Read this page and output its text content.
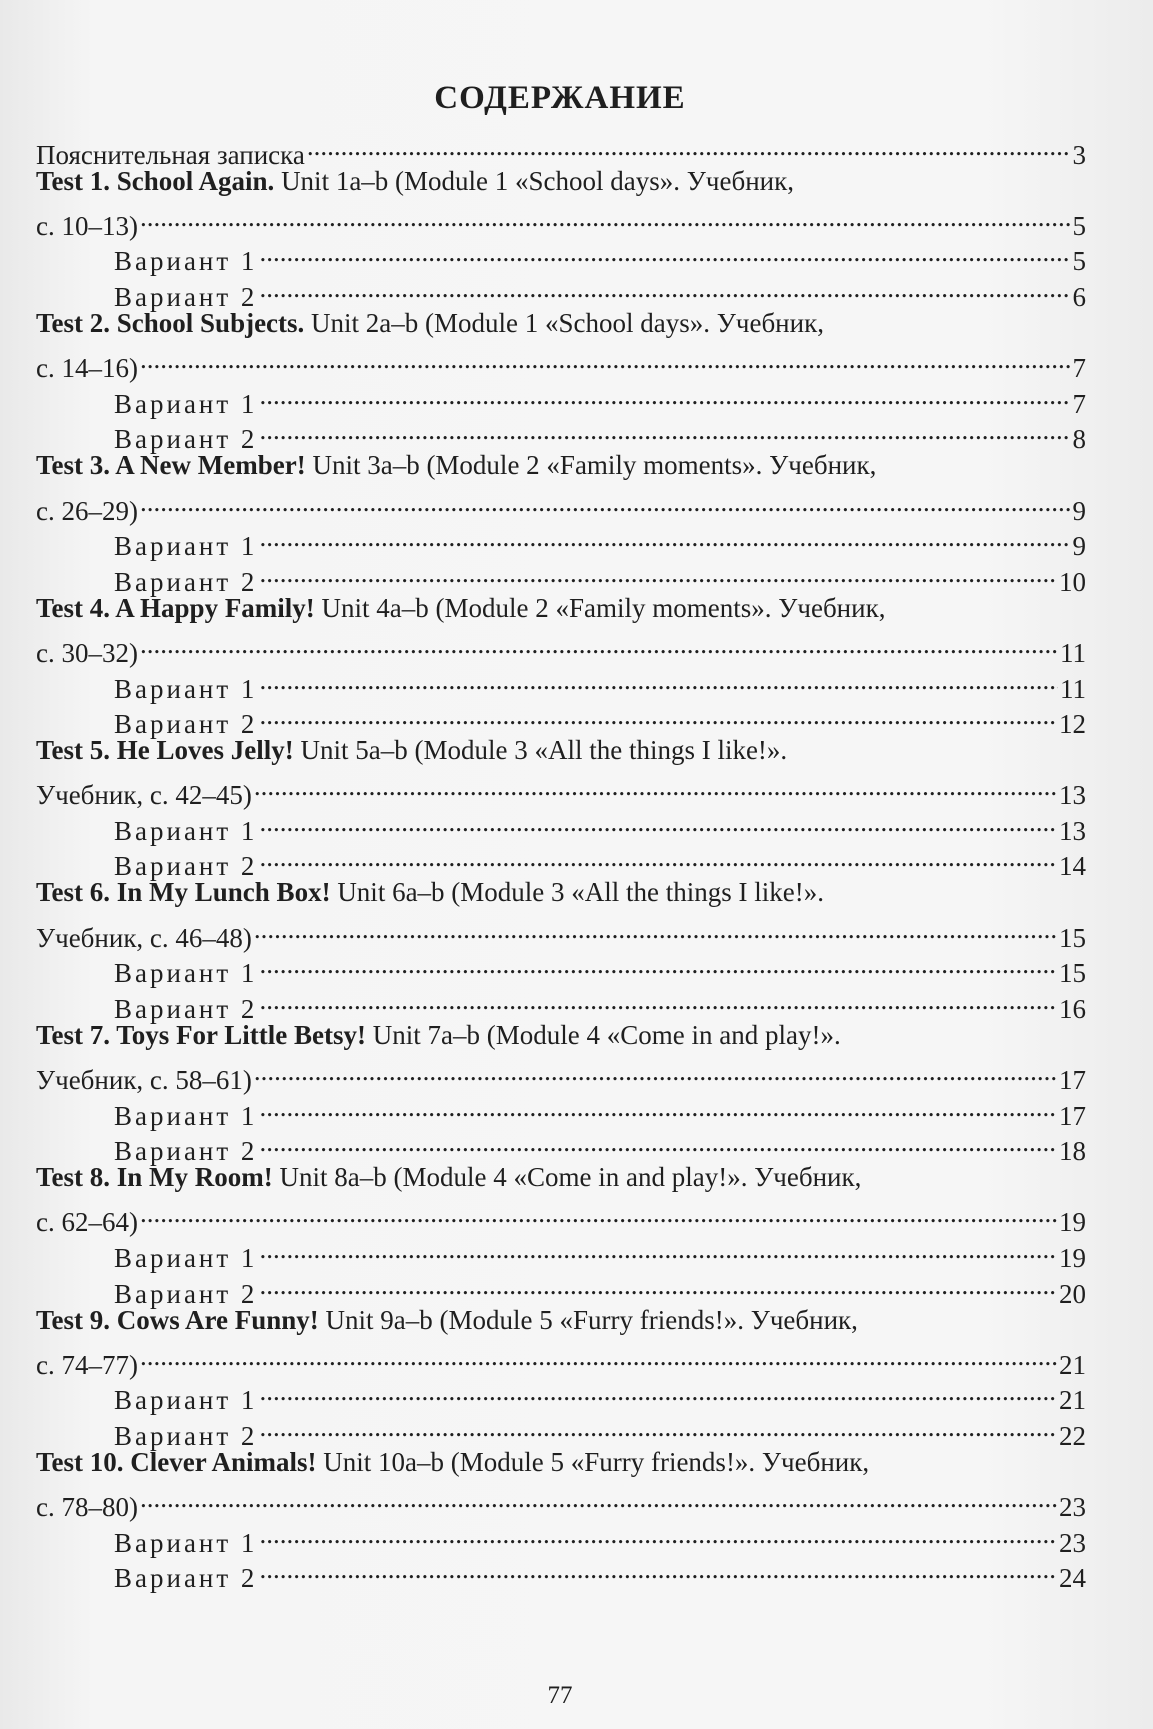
СОДЕРЖАНИЕ
Пояснительная записка .....	3
Test 1. School Again. Unit 1a–b (Module 1 «School days». Учебник,
с. 10–13) .....	5
Вариант 1 .....	5
Вариант 2 .....	6
Test 2. School Subjects. Unit 2a–b (Module 1 «School days». Учебник,
с. 14–16) .....	7
Вариант 1 .....	7
Вариант 2 .....	8
Test 3. A New Member! Unit 3a–b (Module 2 «Family moments». Учебник,
с. 26–29) .....	9
Вариант 1 .....	9
Вариант 2 .....	10
Test 4. A Happy Family! Unit 4a–b (Module 2 «Family moments». Учебник,
с. 30–32) .....	11
Вариант 1 .....	11
Вариант 2 .....	12
Test 5. He Loves Jelly! Unit 5a–b (Module 3 «All the things I like!».
Учебник, с. 42–45) .....	13
Вариант 1 .....	13
Вариант 2 .....	14
Test 6. In My Lunch Box! Unit 6a–b (Module 3 «All the things I like!».
Учебник, с. 46–48) .....	15
Вариант 1 .....	15
Вариант 2 .....	16
Test 7. Toys For Little Betsy! Unit 7a–b (Module 4 «Come in and play!».
Учебник, с. 58–61) .....	17
Вариант 1 .....	17
Вариант 2 .....	18
Test 8. In My Room! Unit 8a–b (Module 4 «Come in and play!». Учебник,
с. 62–64) .....	19
Вариант 1 .....	19
Вариант 2 .....	20
Test 9. Cows Are Funny! Unit 9a–b (Module 5 «Furry friends!». Учебник,
с. 74–77) .....	21
Вариант 1 .....	21
Вариант 2 .....	22
Test 10. Clever Animals! Unit 10a–b (Module 5 «Furry friends!». Учебник,
с. 78–80) .....	23
Вариант 1 .....	23
Вариант 2 .....	24
77
